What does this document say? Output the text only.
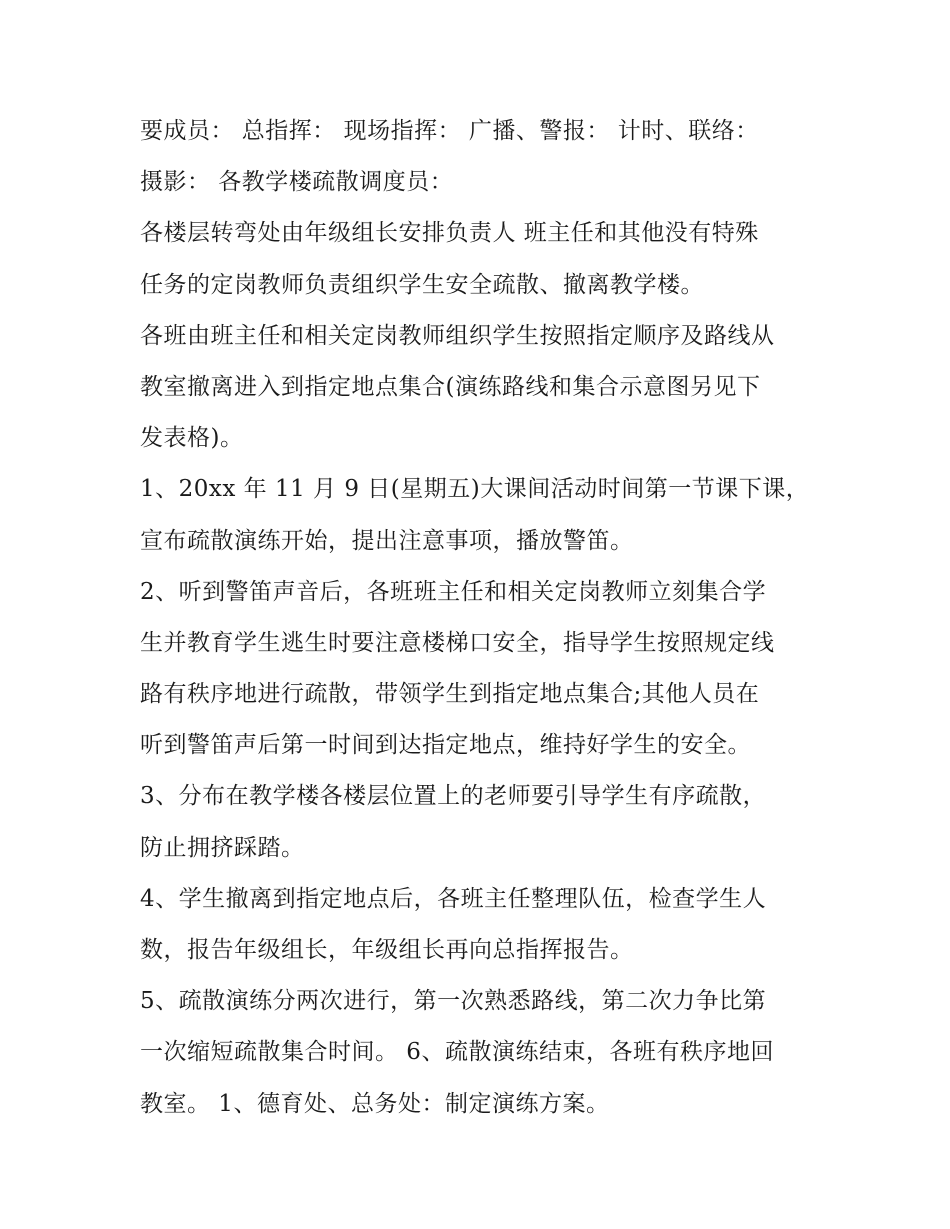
要成员： 总指挥： 现场指挥： 广播、警报： 计时、联络：
摄影： 各教学楼疏散调度员：
各楼层转弯处由年级组长安排负责人 班主任和其他没有特殊
任务的定岗教师负责组织学生安全疏散、撤离教学楼。
各班由班主任和相关定岗教师组织学生按照指定顺序及路线从
教室撤离进入到指定地点集合(演练路线和集合示意图另见下
发表格)。
1、20xx 年 11 月 9 日(星期五)大课间活动时间第一节课下课，
宣布疏散演练开始，提出注意事项，播放警笛。
2、听到警笛声音后，各班班主任和相关定岗教师立刻集合学
生并教育学生逃生时要注意楼梯口安全，指导学生按照规定线
路有秩序地进行疏散，带领学生到指定地点集合;其他人员在
听到警笛声后第一时间到达指定地点，维持好学生的安全。
3、分布在教学楼各楼层位置上的老师要引导学生有序疏散，
防止拥挤踩踏。
4、学生撤离到指定地点后，各班主任整理队伍，检查学生人
数，报告年级组长，年级组长再向总指挥报告。
5、疏散演练分两次进行，第一次熟悉路线，第二次力争比第
一次缩短疏散集合时间。 6、疏散演练结束，各班有秩序地回
教室。 1、德育处、总务处：制定演练方案。
